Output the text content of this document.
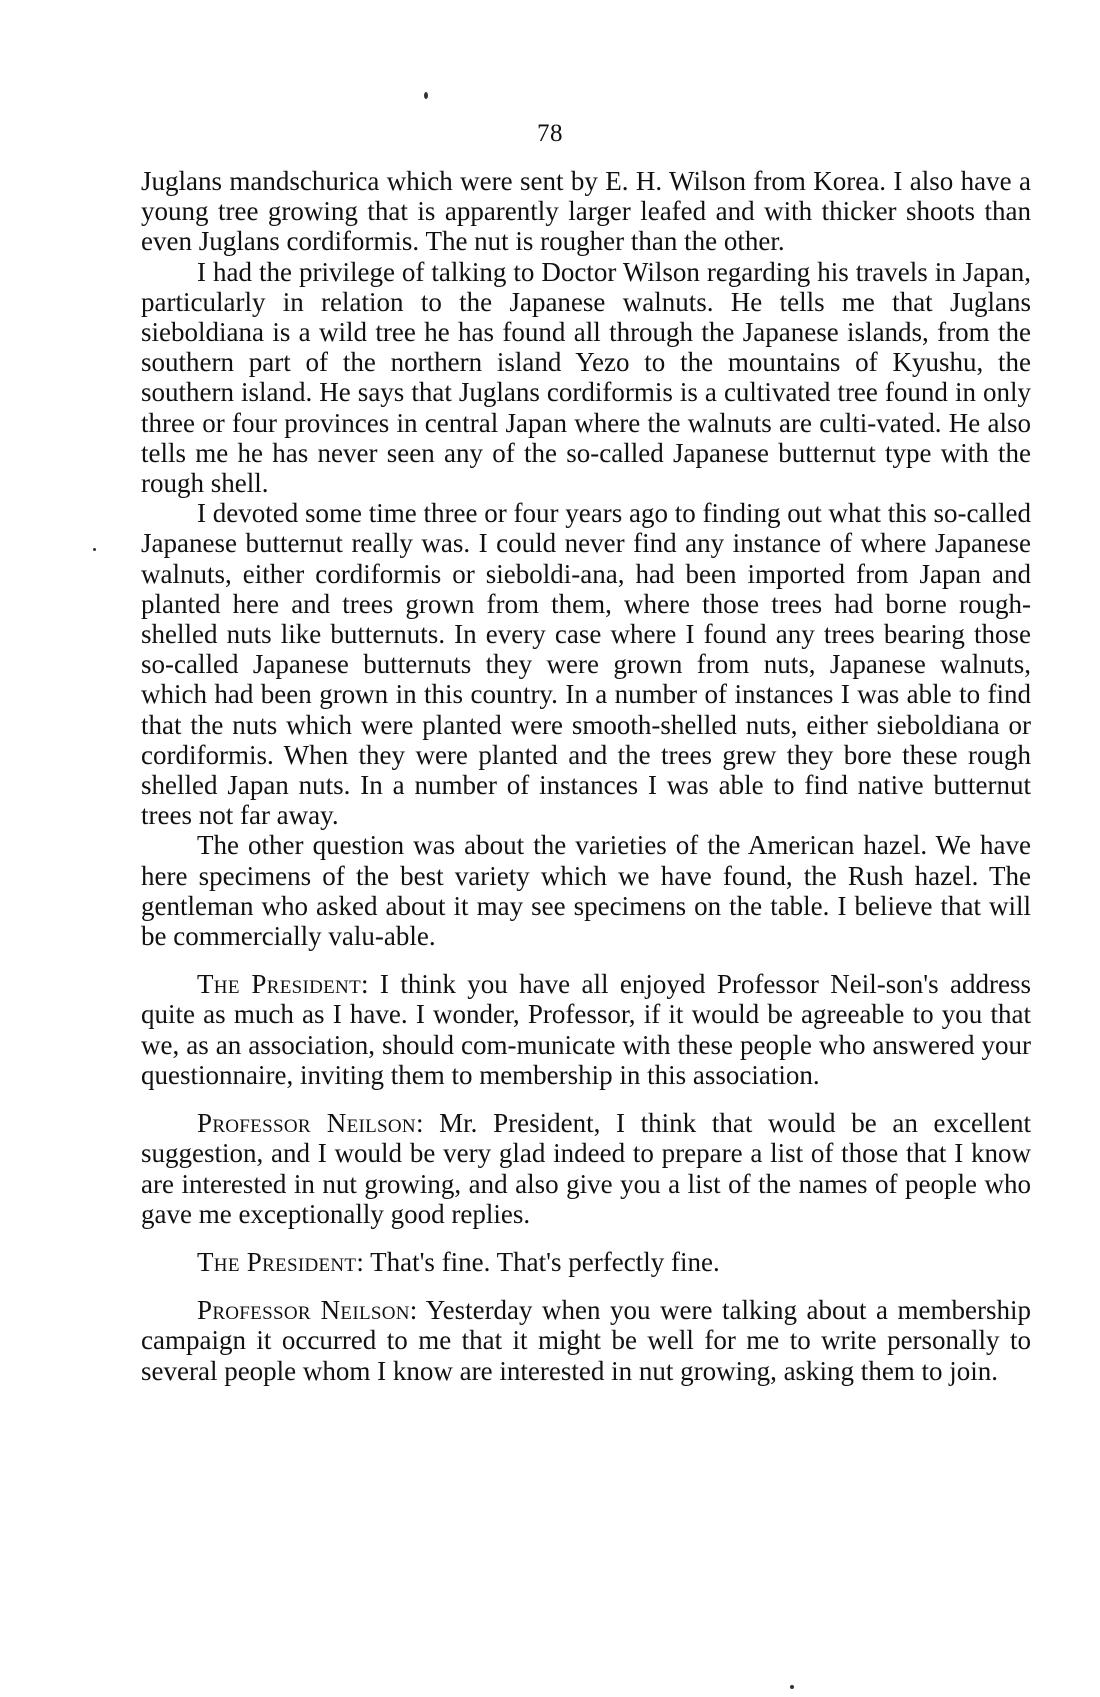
78

Juglans mandschurica which were sent by E. H. Wilson from Korea. I also have a young tree growing that is apparently larger leafed and with thicker shoots than even Juglans cordiformis. The nut is rougher than the other.

I had the privilege of talking to Doctor Wilson regarding his travels in Japan, particularly in relation to the Japanese walnuts. He tells me that Juglans sieboldiana is a wild tree he has found all through the Japanese islands, from the southern part of the northern island Yezo to the mountains of Kyushu, the southern island. He says that Juglans cordiformis is a cultivated tree found in only three or four provinces in central Japan where the walnuts are culti-vated. He also tells me he has never seen any of the so-called Japanese butternut type with the rough shell.

I devoted some time three or four years ago to finding out what this so-called Japanese butternut really was. I could never find any instance of where Japanese walnuts, either cordiformis or sieboldi-ana, had been imported from Japan and planted here and trees grown from them, where those trees had borne rough-shelled nuts like butternuts. In every case where I found any trees bearing those so-called Japanese butternuts they were grown from nuts, Japanese walnuts, which had been grown in this country. In a number of instances I was able to find that the nuts which were planted were smooth-shelled nuts, either sieboldiana or cordiformis. When they were planted and the trees grew they bore these rough shelled Japan nuts. In a number of instances I was able to find native butternut trees not far away.

The other question was about the varieties of the American hazel. We have here specimens of the best variety which we have found, the Rush hazel. The gentleman who asked about it may see specimens on the table. I believe that will be commercially valu-able.

The President: I think you have all enjoyed Professor Neil-son's address quite as much as I have. I wonder, Professor, if it would be agreeable to you that we, as an association, should com-municate with these people who answered your questionnaire, inviting them to membership in this association.

Professor Neilson: Mr. President, I think that would be an excellent suggestion, and I would be very glad indeed to prepare a list of those that I know are interested in nut growing, and also give you a list of the names of people who gave me exceptionally good replies.

The President: That's fine. That's perfectly fine.

Professor Neilson: Yesterday when you were talking about a membership campaign it occurred to me that it might be well for me to write personally to several people whom I know are interested in nut growing, asking them to join.
